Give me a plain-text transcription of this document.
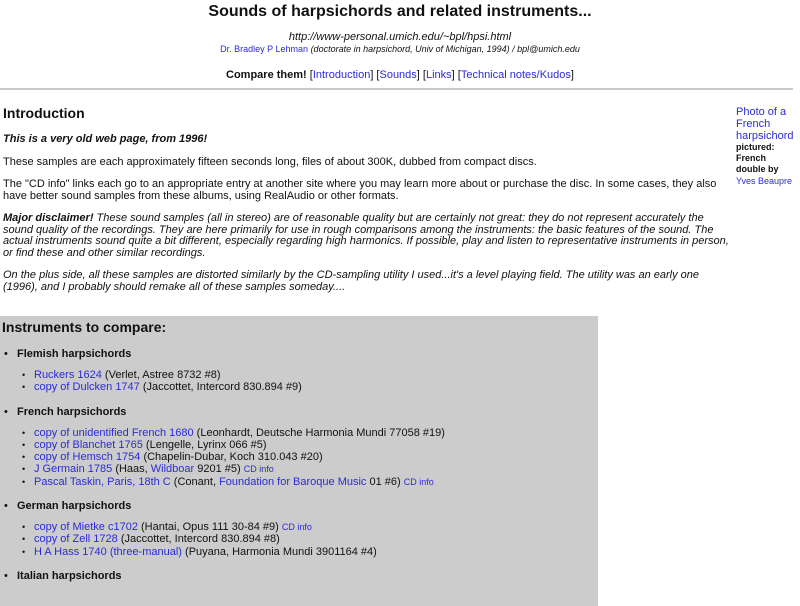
Sounds of harpsichords and related instruments...
http://www-personal.umich.edu/~bpl/hpsi.html
Dr. Bradley P Lehman (doctorate in harpsichord, Univ of Michigan, 1994) / bpl@umich.edu
Compare them! [Introduction] [Sounds] [Links] [Technical notes/Kudos]
Photo of a French harpsichord
pictured: French double by
Yves Beaupre
Introduction

This is a very old web page, from 1996!

These samples are each approximately fifteen seconds long, files of about 300K, dubbed from compact discs.

The "CD info" links each go to an appropriate entry at another site where you may learn more about or purchase the disc. In some cases, they also have better sound samples from these albums, using RealAudio or other formats.

Major disclaimer! These sound samples (all in stereo) are of reasonable quality but are certainly not great: they do not represent accurately the sound quality of the recordings. They are here primarily for use in rough comparisons among the instruments: the basic features of the sound. The actual instruments sound quite a bit different, especially regarding high harmonics. If possible, play and listen to representative instruments in person, or find these and other similar recordings.

On the plus side, all these samples are distorted similarly by the CD-sampling utility I used...it's a level playing field. The utility was an early one (1996), and I probably should remake all of these samples someday....

Instruments to compare:
• Flemish harpsichords
• Ruckers 1624 (Verlet, Astree 8732 #8)
• copy of Dulcken 1747 (Jaccottet, Intercord 830.894 #9)
• French harpsichords
• copy of unidentified French 1680 (Leonhardt, Deutsche Harmonia Mundi 77058 #19)
• copy of Blanchet 1765 (Lengelle, Lyrinx 066 #5)
• copy of Hemsch 1754 (Chapelin-Dubar, Koch 310.043 #20)
• J Germain 1785 (Haas, Wildboar 9201 #5) CD info
• Pascal Taskin, Paris, 18th C (Conant, Foundation for Baroque Music 01 #6) CD info
• German harpsichords
• copy of Mietke c1702 (Hantai, Opus 111 30-84 #9) CD info
• copy of Zell 1728 (Jaccottet, Intercord 830.894 #8)
• H A Hass 1740 (three-manual) (Puyana, Harmonia Mundi 3901164 #4)
• Italian harpsichords
